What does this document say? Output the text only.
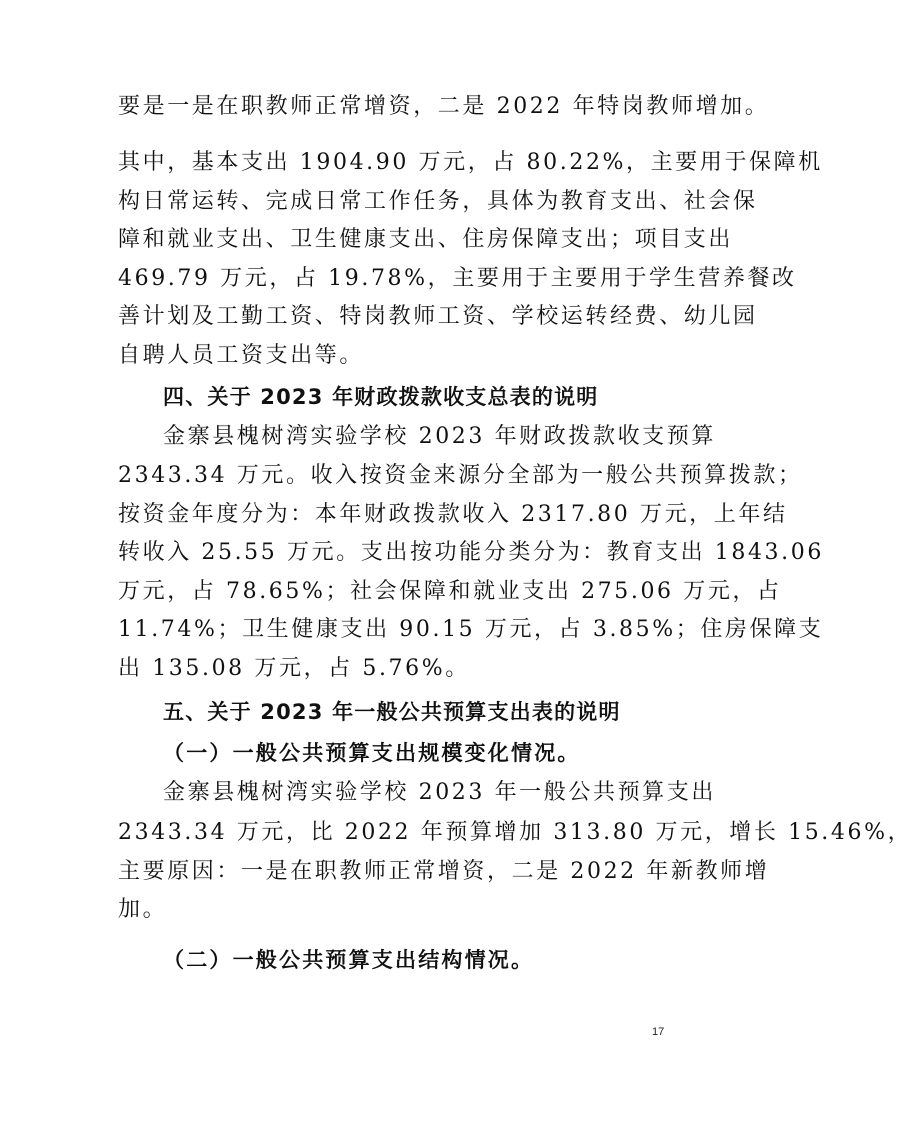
要是一是在职教师正常增资，二是 2022 年特岗教师增加。
其中，基本支出 1904.90 万元，占 80.22%，主要用于保障机
构日常运转、完成日常工作任务，具体为教育支出、社会保
障和就业支出、卫生健康支出、住房保障支出；项目支出
469.79 万元，占 19.78%，主要用于主要用于学生营养餐改
善计划及工勤工资、特岗教师工资、学校运转经费、幼儿园
自聘人员工资支出等。
四、关于 2023 年财政拨款收支总表的说明
金寨县槐树湾实验学校 2023 年财政拨款收支预算
2343.34 万元。收入按资金来源分全部为一般公共预算拨款；
按资金年度分为：本年财政拨款收入 2317.80 万元，上年结
转收入 25.55 万元。支出按功能分类分为：教育支出 1843.06
万元，占 78.65%；社会保障和就业支出 275.06 万元，占
11.74%；卫生健康支出 90.15 万元，占 3.85%；住房保障支
出 135.08 万元，占 5.76%。
五、关于 2023 年一般公共预算支出表的说明
（一）一般公共预算支出规模变化情况。
金寨县槐树湾实验学校 2023 年一般公共预算支出
2343.34 万元，比 2022 年预算增加 313.80 万元，增长 15.46%，
主要原因：一是在职教师正常增资，二是 2022 年新教师增
加。
（二）一般公共预算支出结构情况。
17
